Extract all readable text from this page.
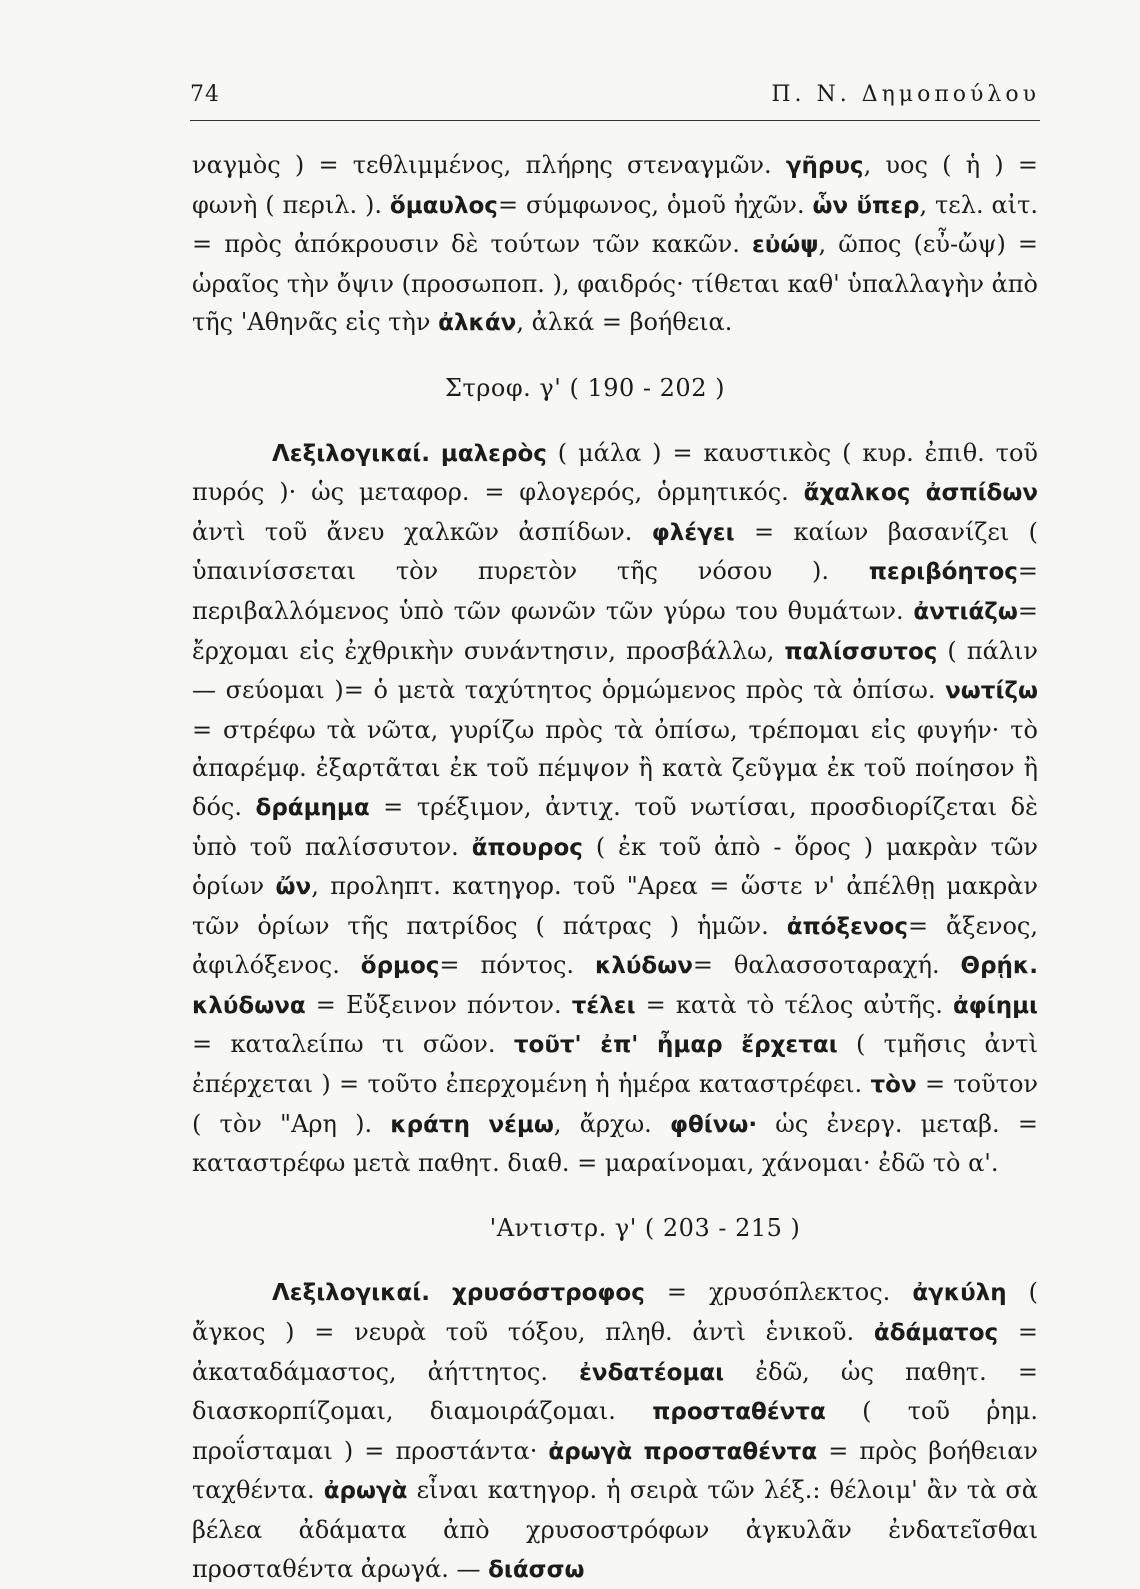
74	Π. Ν. Δημοπούλου

ναγμὸς ) = τεθλιμμένος, πλήρης στεναγμῶν. γῆρυς, υος ( ἡ ) = φωνὴ ( περιλ. ). ὅμαυλος= σύμφωνος, ὁμοῦ ἠχῶν. ὧν ὕπερ, τελ. αἰτ. = πρὸς ἀπόκρουσιν δὲ τούτων τῶν κακῶν. εὐώψ, ῶπος (εὖ-ὤψ) = ὡραῖος τὴν ὄψιν (προσωποπ. ), φαιδρός· τίθεται καθ' ὑπαλλαγὴν ἀπὸ τῆς 'Αθηνᾶς εἰς τὴν ἀλκάν, ἀλκά = βοήθεια.

Στροφ. γ' ( 190 - 202 )

Λεξιλογικαί. μαλερὸς ( μάλα ) = καυστικὸς ( κυρ. ἐπιθ. τοῦ πυρός )· ὡς μεταφορ. = φλογερός, ὁρμητικός. ἄχαλκος ἀσπίδων ἀντὶ τοῦ ἄνευ χαλκῶν ἀσπίδων. φλέγει = καίων βασανίζει ( ὑπαινίσσεται τὸν πυρετὸν τῆς νόσου ). περιβόητος= περιβαλλόμενος ὑπὸ τῶν φωνῶν τῶν γύρω του θυμάτων. ἀντιάζω= ἔρχομαι εἰς ἐχθρικὴν συνάντησιν, προσβάλλω, παλίσσυτος ( πάλιν — σεύομαι )= ὁ μετὰ ταχύτητος ὁρμώμενος πρὸς τὰ ὀπίσω. νωτίζω = στρέφω τὰ νῶτα, γυρίζω πρὸς τὰ ὀπίσω, τρέπομαι εἰς φυγήν· τὸ ἀπαρέμφ. ἐξαρτᾶται ἐκ τοῦ πέμψον ἢ κατὰ ζεῦγμα ἐκ τοῦ ποίησον ἢ δός. δράμημα = τρέξιμον, ἀντιχ. τοῦ νωτίσαι, προσδιορίζεται δὲ ὑπὸ τοῦ παλίσσυτον. ἄπουρος ( ἐκ τοῦ ἀπὸ - ὅρος ) μακρὰν τῶν ὁρίων ὤν, προληπτ. κατηγορ. τοῦ "Αρεα = ὥστε ν' ἀπέλθῃ μακρὰν τῶν ὁρίων τῆς πατρίδος ( πάτρας ) ἡμῶν. ἀπόξενος= ἄξενος, ἀφιλόξενος. ὅρμος= πόντος. κλύδων= θαλασσοταραχή. Θρῄκ. κλύδωνα = Εὔξεινον πόντον. τέλει = κατὰ τὸ τέλος αὐτῆς. ἀφίημι = καταλείπω τι σῶον. τοῦτ' ἐπ' ἦμαρ ἔρχεται ( τμῆσις ἀντὶ ἐπέρχεται ) = τοῦτο ἐπερχομένη ἡ ἡμέρα καταστρέφει. τὸν = τοῦτον ( τὸν "Αρη ). κράτη νέμω, ἄρχω. φθίνω· ὡς ἐνεργ. μεταβ. = καταστρέφω μετὰ παθητ. διαθ. = μαραίνομαι, χάνομαι· ἐδῶ τὸ α'.

'Αντιστρ. γ' ( 203 - 215 )

Λεξιλογικαί. χρυσόστροφος = χρυσόπλεκτος. ἀγκύλη ( ἄγκος ) = νευρὰ τοῦ τόξου, πληθ. ἀντὶ ἑνικοῦ. ἀδάματος = ἀκαταδάμαστος, ἀήττητος. ἐνδατέομαι ἐδῶ, ὡς παθητ. = διασκορπίζομαι, διαμοιράζομαι. προσταθέντα ( τοῦ ῥημ. προΐσταμαι ) = προστάντα· ἀρωγὰ προσταθέντα = πρὸς βοήθειαν ταχθέντα. ἀρωγὰ εἶναι κατηγορ. ἡ σειρὰ τῶν λέξ.: θέλοιμ' ἂν τὰ σὰ βέλεα ἀδάματα ἀπὸ χρυσοστρόφων ἀγκυλᾶν ἐνδατεῖσθαι προσταθέντα ἀρωγά. — διάσσω
